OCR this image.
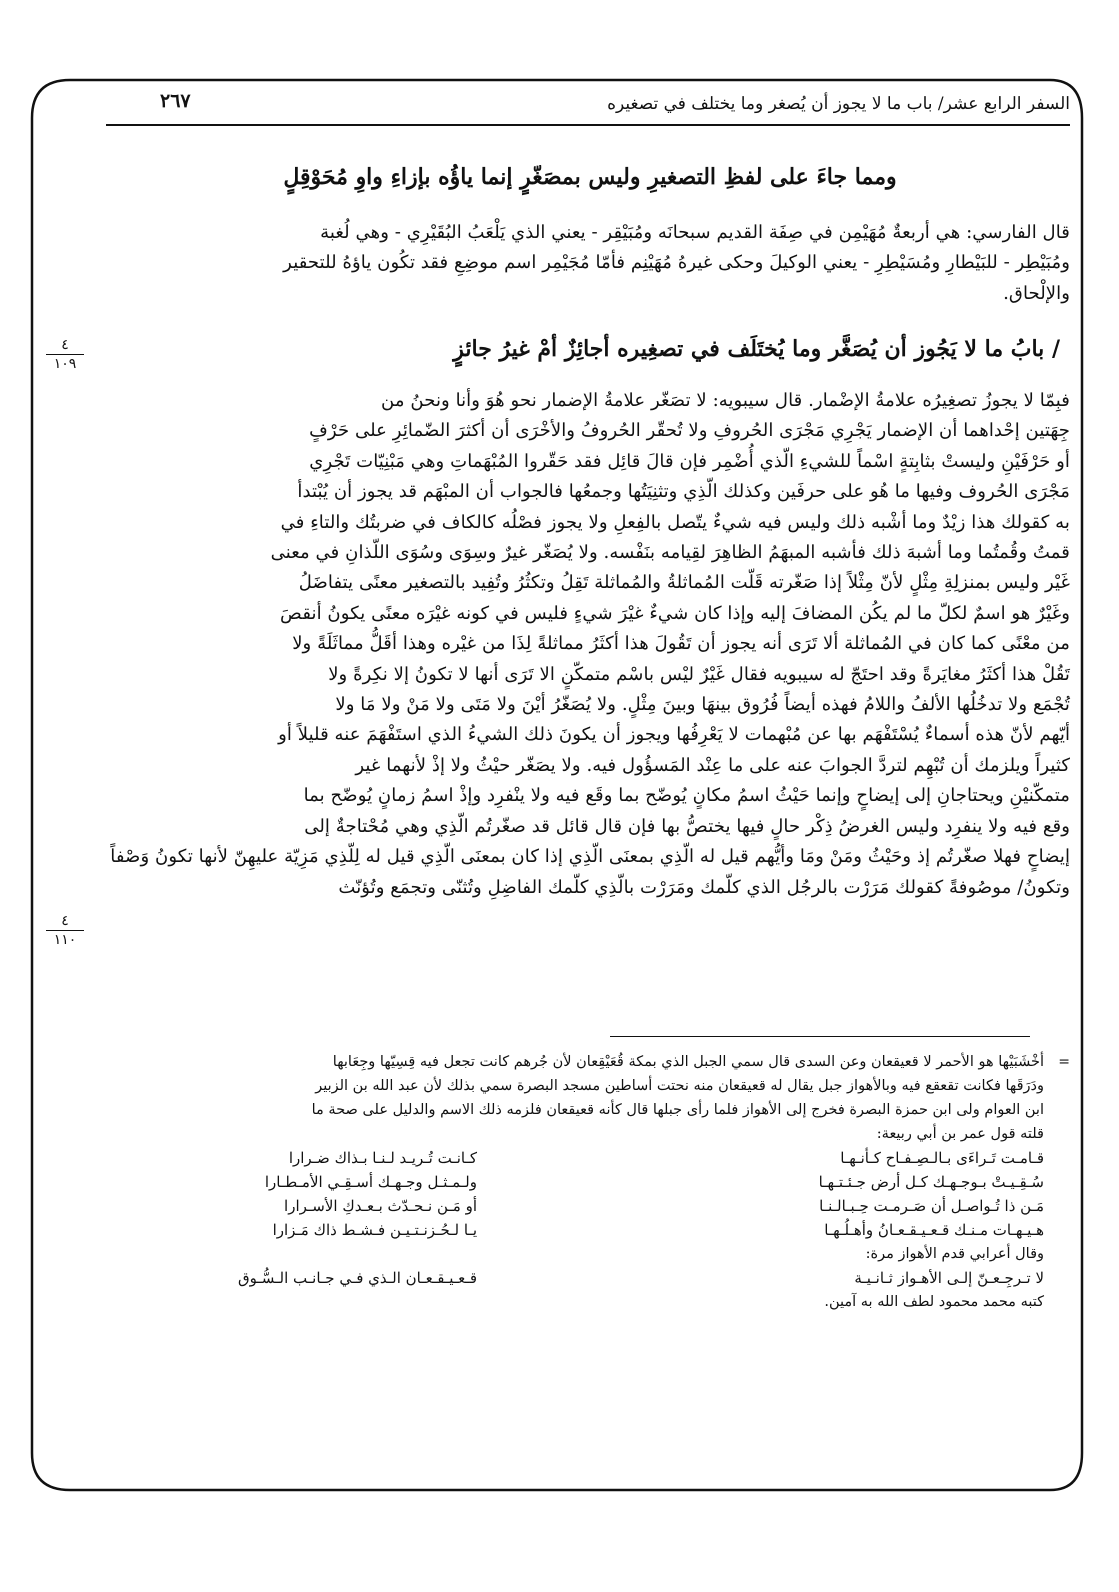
السفر الرابع عشر/ باب ما لا يجوز أن يُصغر وما يختلف في تصغيره
٢٦٧
ومما جاءَ على لفظِ التصغيرِ وليس بمصَغّرٍ إنما ياؤُه بإزاءِ واوِ مُحَوْقِلٍ
قال الفارسي: هي أربعةٌ مُهَيْمِن في صِفَة القديم سبحانَه ومُبَيْقِر - يعني الذي يَلْعَبُ البُقَيْرِي - وهي لُغبة
ومُبَيْطِر - للبَيْطارِ ومُسَيْطِرِ - يعني الوكيلَ وحكى غيرهُ مُهَيْنِم فأمّا مُجَيْمِر اسم موضِعِ فقد تكُون ياؤهُ للتحقير
والإلْحاق.
/ بابُ ما لا يَجُوز أن يُصَغَّر وما يُختَلَف في تصغِيره أجائِزٌ أمْ غيرُ جائزٍ
٤
١٠٩
فبِمّا لا يجوزُ تصغِيرُه علامةُ الإضْمار. قال سيبويه: لا تصَغّر علامةُ الإضمار نحو هُوَ وأنا ونحنُ من
جِهَتين إحْداهما أن الإضمار يَجْرِي مَجْرَى الحُروفِ ولا تُحقّر الحُروفُ والأخْرَى أن أكثرَ الضّمائِرِ على حَرْفٍ
أو حَرْفَيْنِ وليستْ بثابِتةٍ اسْماً للشيءِ الّذي أُضْمِر فإن قالَ قائِل فقد حَقّروا المُبْهَماتِ وهي مَبْنِيّات تَجْرِي
مَجْرَى الحُروف وفيها ما هُو على حرفَين وكذلك الّذِي وتثنِيَتُها وجمعُها فالجواب أن المبْهَم قد يجوز أن يُبْتدأ
به كقولك هذا زيْدٌ وما أشْبه ذلك وليس فيه شيءٌ يتّصل بالفِعلِ ولا يجوز فصْلُه كالكاف في ضربتُك والتاءِ في
قمتُ وقُمتُما وما أشبهَ ذلك فأشبه المبهَمُ الظاهِرَ لقِيامه بنَفْسه. ولا يُصَغّر غيرٌ وسِوَى وسُوَى اللّذانِ في معنى
غَيْر وليس بمنزلِةِ مِثْلٍ لأنّ مِثْلاً إذا صَغّرته قَلّت المُماثلةُ والمُماثلة تَقِلُ وتكثُرُ وتُفِيد بالتصغير معنًى يتفاضَلُ
وغَيْرٌ هو اسمٌ لكلّ ما لم يكُن المضافَ إليه وإذا كان شيءٌ غيْرَ شيءٍ فليس في كونه غيْرَه معنًى يكونُ أنقصَ
من معْنًى كما كان في المُماثلة ألا تَرَى أنه يجوز أن تَقُولَ هذا أكثَرُ مماثلةً لِذَا من غيْره وهذا أقَلُّ مماثَلَةً ولا
تَقُلْ هذا أكثَرُ مغايَرةً وقد احتَجّ له سيبويه فقال غَيْرٌ ليْس باسْم متمكّنٍ الا تَرَى أنها لا تكونُ إلا نكِرةً ولا
تُجْمَع ولا تدخُلُها الألفُ واللامُ فهذه أيضاً فُرُوق بينهَا وبينَ مِثْلٍ. ولا يُصَغّرُ أيْنَ ولا مَتَى ولا مَنْ ولا مَا ولا
أيّهم لأنّ هذه أسماءٌ يُسْتَفْهَم بها عن مُبْهمات لا يَعْرِفُها ويجوز أن يكونَ ذلك الشيءُ الذي استَفْهَمَ عنه قليلاً أو
كثيراً ويلزمك أن تُبْهِم لتردَّ الجوابَ عنه على ما عِنْد المَسؤُول فيه. ولا يصَغّر حيْثُ ولا إذْ لأنهما غير
متمكّنيْنِ ويحتاجانِ إلى إيضاحٍ وإنما حَيْثُ اسمُ مكانٍ يُوضّح بما وقَع فيه ولا ينْفرِد وإذْ اسمُ زمانٍ يُوضّح بما
وقع فيه ولا ينفرِد وليس الغرضُ ذِكْر حالٍ فيها يختصُّ بها فإن قال قائل قد صغّرتُم الّذِي وهي مُحْتاجةٌ إلى
إيضاحٍ فهلا صغّرتُم إذ وحَيْثُ ومَنْ ومَا وأيُّهم قيل له الّذِي بمعنَى الّذِي إذا كان بمعنَى الّذِي قيل له لِلّذِي مَزِيّة عليهِنّ لأنها تكونُ وَصْفاً
وتكونُ/ موصُوفةً كقولك مَرَرْت بالرجُل الذي كلّمك ومَرَرْت بالّذِي كلّمك الفاضِلِ وتُثنّى وتجمَع وتُؤنّث
٤
١١٠
=
أخْشَبَيْها هو الأحمر لا قعيقعان وعن السدى قال سمي الجبل الذي بمكة قُعَيْقِعان لأن جُرهم كانت تجعل فيه قِسِيّها وجِعَابها
ودَرَقَها فكانت تقعقع فيه وبالأهواز جبل يقال له قعيقعان منه نحتت أساطين مسجد البصرة سمي بذلك لأن عبد الله بن الزبير
ابن العوام ولى ابن حمزة البصرة فخرج إلى الأهواز فلما رأى جبلها قال كأنه قعيقعان فلزمه ذلك الاسم والدليل على صحة ما
قلته قول عمر بن أبي ربيعة:
قـامـت تَـراءَى بـالـصِـفـاح كـأنـهـا
كـانـت تُـريـد لـنـا بـذاك ضـرارا
سُـقِـيـتْ بـوجـهـك كـل أرض جـئـتـهـا
ولـمـثـل وجـهـك أسـقِـي الأمـطـارا
مَـن ذا تُـواصـل أن صَـرمـت حِـبـالـنـا
أو مَـن نـحـدّث بـعـدكِ الأسـرارا
هـيـهـات مـنـك قـعـيـقـعـانُ وأهـلُـهـا
يـا لـحُـزنـتـيـن فـشـط ذاك مَـزارا
وقال أعرابي قدم الأهواز مرة:
لا تـرجِـعـنّ إلـى الأهـواز ثـانـيـة
قـعـيـقـعـان الـذي فـي جـانـب الـسُّـوق
كتبه محمد محمود لطف الله به آمين.
